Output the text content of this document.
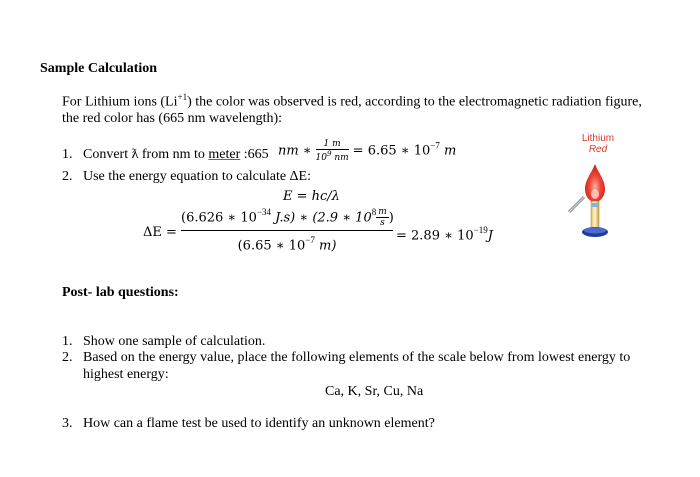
Sample Calculation
For Lithium ions $(Li^{+1})$ the color was observed is red, according to the electromagnetic radiation figure,
the red color has (665 nm wavelength):
1. Convert ƛ from nm to meter :665 nm ∗ $\frac{1 m}{10^9 nm} = 6.65$ ∗ $10^{-7}$ m
2. Use the energy equation to calculate ΔE:
E = hc/λ
ΔE =
(6.626 ∗ $10^{-34}$ J.s) ∗ (2.9 ∗ $10^8 \frac{m}{s}$ )
(6.65 ∗ $10^{-7}$ m)
= 2.89 ∗ $10^{-19}J$
Lithium
Red
Post- lab questions:
1. Show one sample of calculation.
2. Based on the energy value, place the following elements of the scale below from lowest energy to
highest energy:
Ca, K, Sr, Cu, Na
3. How can a flame test be used to identify an unknown element?
